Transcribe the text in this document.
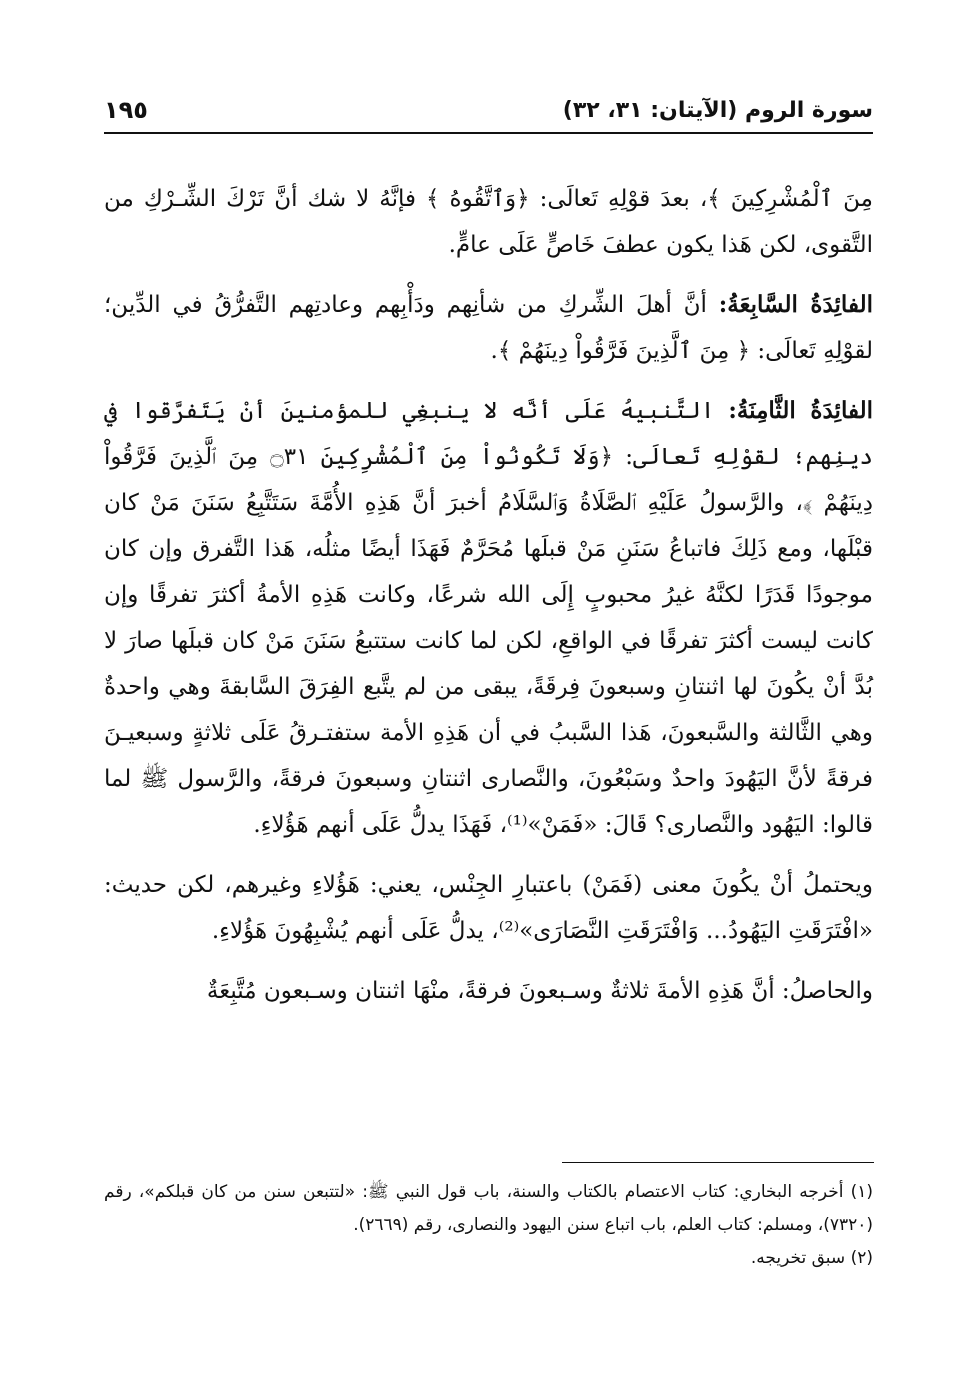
سورة الروم (الآيتان: ٣١، ٣٢)
١٩٥

مِنَ ٱلْمُشْرِكِينَ ﴾، بعدَ قوْلِهِ تَعالَى: ﴿وَٱتَّقُوهُ ﴾ فإنَّهُ لا شك أنَّ تَرْكَ الشِّـرْكِ من التَّقوى، لكن هَذا يكون عطفَ خَاصٍّ عَلَى عامٍّ.

الفائِدَةُ السَّابِعَةُ: أنَّ أهلَ الشِّركِ من شأنِهم ودَأْبِهم وعادتِهم التَّفرُّقُ في الدِّين؛ لقوْلِهِ تَعالَى: ﴿ مِنَ ٱلَّذِينَ فَرَّقُواْ دِينَهُمْ ﴾.

الفائِدَةُ الثَّامِنَةُ: التَّنبيهُ عَلَى أنَّه لا ينبغِي للمؤمنينَ أنْ يَتَفرَّقوا في دينِهم؛ لقوْلِهِ تَعالَى: ﴿وَلَا تَكُونُواْ مِنَ ٱلْمُشْرِكِينَ ۝٣١ مِنَ ٱلَّذِينَ فَرَّقُواْ دِينَهُمْ ﴾، والرَّسولُ عَلَيْهِ ٱلصَّلَاةُ وَٱلسَّلَامُ أخبرَ أنَّ هَذِهِ الأُمَّةَ سَتَتَّبِعُ سَنَنَ مَنْ كان قبْلَها، ومع ذَلِكَ فاتباعُ سَنَنِ مَنْ قبلَها مُحَرَّمٌ فَهَذَا أيضًا مثلُه، هَذا التَّفرق وإن كان موجودًا قَدَرًا لكنَّهُ غيرُ محبوبٍ إِلَى الله شرعًا، وكانت هَذِهِ الأمةُ أكثرَ تفرقًا وإن كانت ليست أكثرَ تفرقًا في الواقعِ، لكن لما كانت ستتبعُ سَنَنَ مَنْ كان قبلَها صارَ لا بُدَّ أنْ يكُونَ لها اثنتانِ وسبعونَ فِرقَةً، يبقى من لم يتَّبع الفِرَقَ السَّابقةَ وهي واحدةٌ وهي الثَّالثة والسَّبعونَ، هَذا السَّببُ في أن هَذِهِ الأمة ستفتـرقُ عَلَى ثلاثةٍ وسبعيـنَ فرقةً لأنَّ اليَهُودَ واحدٌ وسَبْعُونَ، والنَّصارى اثنتانِ وسبعونَ فرقةً، والرَّسول ﷺ لما قالوا: اليَهُود والنَّصارى؟ قَالَ: «فَمَنْ»⁽¹⁾، فَهَذَا يدلُّ عَلَى أنهم هَؤُلاءِ.

ويحتملُ أنْ يكُونَ معنى (فَمَنْ) باعتبارِ الجِنْس، يعني: هَؤُلاءِ وغيرهم، لكن حديث: «افْتَرَقَتِ اليَهُودُ... وَافْتَرَقَتِ النَّصَارَى»⁽²⁾، يدلُّ عَلَى أنهم يُشْبِهُونَ هَؤُلاءِ.

والحاصلُ: أنَّ هَذِهِ الأمةَ ثلاثةٌ وسـبعونَ فرقةً، منْهَا اثنتان وسـبعون مُتَّبِعَةٌ

(١) أخرجه البخاري: كتاب الاعتصام بالكتاب والسنة، باب قول النبي ﷺ: «لتتبعن سنن من كان قبلكم»، رقم (٧٣٢٠)، ومسلم: كتاب العلم، باب اتباع سنن اليهود والنصارى، رقم (٢٦٦٩).

(٢) سبق تخريجه.
